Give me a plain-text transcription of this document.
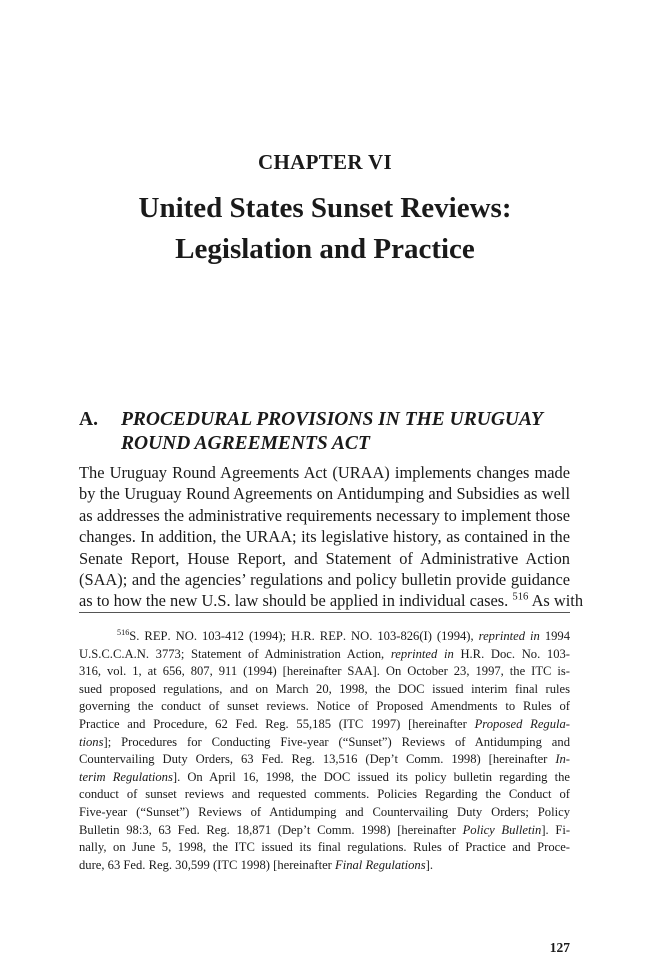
CHAPTER VI
United States Sunset Reviews:
Legislation and Practice
A. PROCEDURAL PROVISIONS IN THE URUGUAY
ROUND AGREEMENTS ACT
The Uruguay Round Agreements Act (URAA) implements changes made
by the Uruguay Round Agreements on Antidumping and Subsidies as well
as addresses the administrative requirements necessary to implement those
changes. In addition, the URAA; its legislative history, as contained in the
Senate Report, House Report, and Statement of Administrative Action
(SAA); and the agencies’ regulations and policy bulletin provide guidance
as to how the new U.S. law should be applied in individual cases. $^{516}$ As with
$^{516}$S. REP. NO. 103-412 (1994); H.R. REP. NO. 103-826(I) (1994), reprinted in 1994
U.S.C.C.A.N. 3773; Statement of Administration Action, reprinted in H.R. Doc. No. 103-
316, vol. 1, at 656, 807, 911 (1994) [hereinafter SAA]. On October 23, 1997, the ITC is-
sued proposed regulations, and on March 20, 1998, the DOC issued interim final rules
governing the conduct of sunset reviews. Notice of Proposed Amendments to Rules of
Practice and Procedure, 62 Fed. Reg. 55,185 (ITC 1997) [hereinafter Proposed Regula-
tions]; Procedures for Conducting Five-year (“Sunset”) Reviews of Antidumping and
Countervailing Duty Orders, 63 Fed. Reg. 13,516 (Dep’t Comm. 1998) [hereinafter In-
terim Regulations]. On April 16, 1998, the DOC issued its policy bulletin regarding the
conduct of sunset reviews and requested comments. Policies Regarding the Conduct of
Five-year (“Sunset”) Reviews of Antidumping and Countervailing Duty Orders; Policy
Bulletin 98:3, 63 Fed. Reg. 18,871 (Dep’t Comm. 1998) [hereinafter Policy Bulletin]. Fi-
nally, on June 5, 1998, the ITC issued its final regulations. Rules of Practice and Proce-
dure, 63 Fed. Reg. 30,599 (ITC 1998) [hereinafter Final Regulations].
127
